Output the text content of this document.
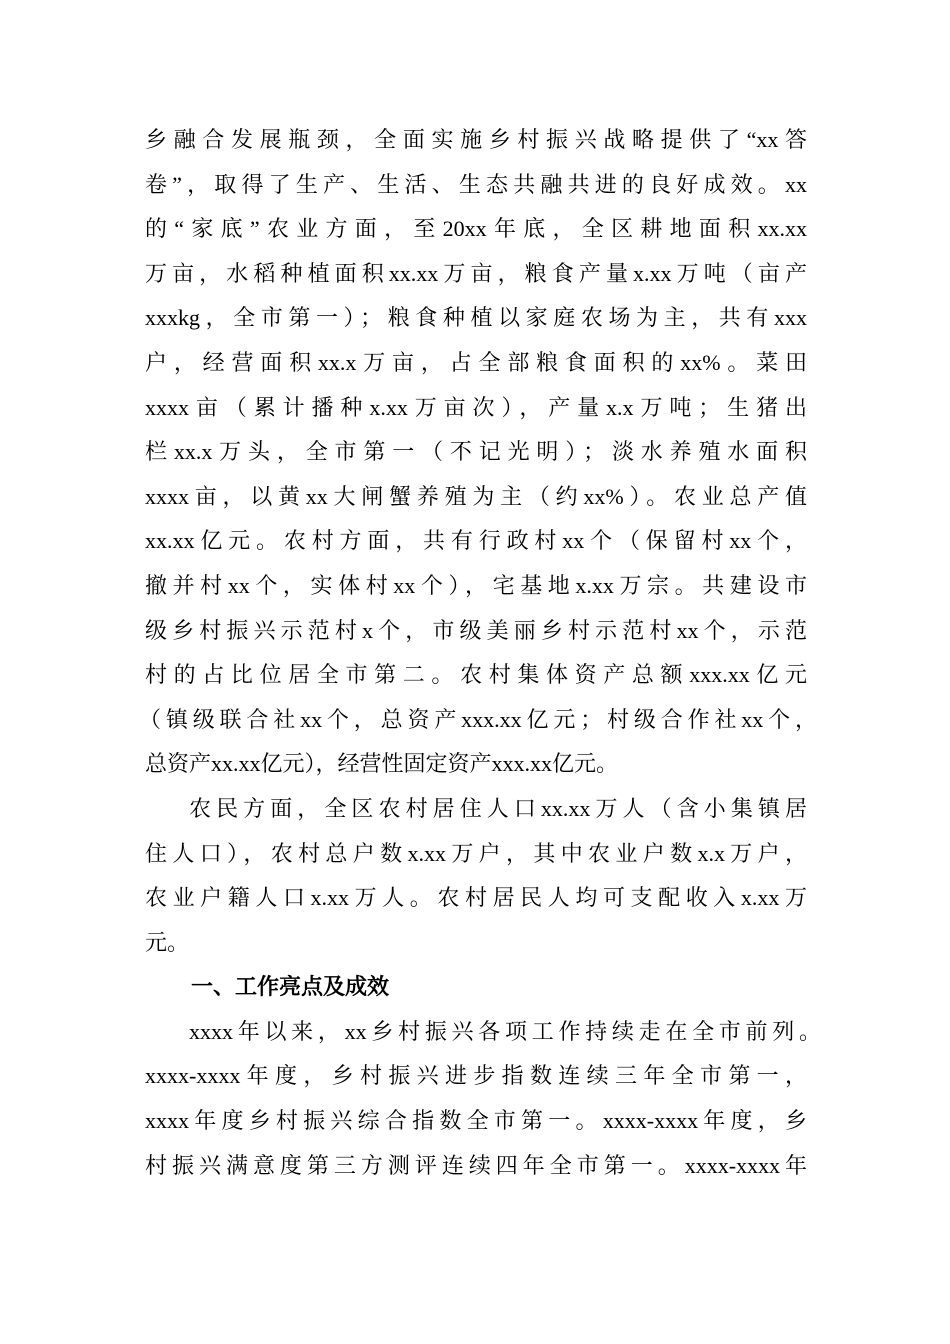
乡融合发展瓶颈，全面实施乡村振兴战略提供了“xx答
卷”，取得了生产、生活、生态共融共进的良好成效。xx
的“家底”农业方面，至20xx年底，全区耕地面积xx.xx
万亩，水稻种植面积xx.xx万亩，粮食产量x.xx万吨（亩产
xxxkg，全市第一）；粮食种植以家庭农场为主，共有xxx
户，经营面积xx.x万亩，占全部粮食面积的xx%。菜田
xxxx亩（累计播种x.xx万亩次），产量x.x万吨；生猪出
栏xx.x万头，全市第一（不记光明）；淡水养殖水面积
xxxx亩，以黄xx大闸蟹养殖为主（约xx%）。农业总产值
xx.xx亿元。农村方面，共有行政村xx个（保留村xx个，
撤并村xx个，实体村xx个），宅基地x.xx万宗。共建设市
级乡村振兴示范村x个，市级美丽乡村示范村xx个，示范
村的占比位居全市第二。农村集体资产总额xxx.xx亿元
（镇级联合社xx个，总资产xxx.xx亿元；村级合作社xx个，
总资产xx.xx亿元），经营性固定资产xxx.xx亿元。
农民方面，全区农村居住人口xx.xx万人（含小集镇居
住人口），农村总户数x.xx万户，其中农业户数x.x万户，
农业户籍人口x.xx万人。农村居民人均可支配收入x.xx万
元。
一、工作亮点及成效
xxxx年以来，xx乡村振兴各项工作持续走在全市前列。
xxxx-xxxx年度，乡村振兴进步指数连续三年全市第一，
xxxx年度乡村振兴综合指数全市第一。xxxx-xxxx年度，乡
村振兴满意度第三方测评连续四年全市第一。xxxx-xxxx年
